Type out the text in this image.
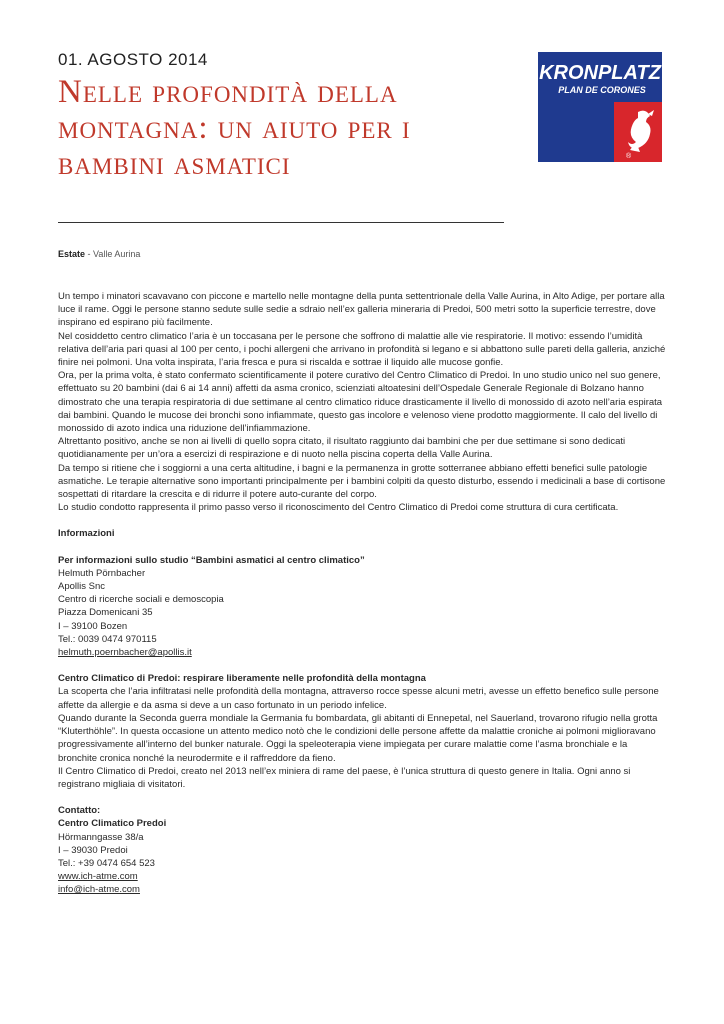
01. AGOSTO 2014
Nelle profondità della montagna: un aiuto per i bambini asmatici
KRONPLATZ
PLAN DE CORONES
®
Estate - Valle Aurina

Un tempo i minatori scavavano con piccone e martello nelle montagne della punta settentrionale della Valle Aurina, in Alto Adige, per portare alla luce il rame. Oggi le persone stanno sedute sulle sedie a sdraio nell’ex galleria mineraria di Predoi, 500 metri sotto la superficie terrestre, dove inspirano ed espirano più facilmente.

Nel cosiddetto centro climatico l’aria è un toccasana per le persone che soffrono di malattie alle vie respiratorie. Il motivo: essendo l’umidità relativa dell’aria pari quasi al 100 per cento, i pochi allergeni che arrivano in profondità si legano e si abbattono sulle pareti della galleria, anziché finire nei polmoni. Una volta inspirata, l’aria fresca e pura si riscalda e sottrae il liquido alle mucose gonfie.

Ora, per la prima volta, è stato confermato scientificamente il potere curativo del Centro Climatico di Predoi. In uno studio unico nel suo genere, effettuato su 20 bambini (dai 6 ai 14 anni) affetti da asma cronico, scienziati altoatesini dell’Ospedale Generale Regionale di Bolzano hanno dimostrato che una terapia respiratoria di due settimane al centro climatico riduce drasticamente il livello di monossido di azoto nell’aria espirata dai bambini. Quando le mucose dei bronchi sono infiammate, questo gas incolore e velenoso viene prodotto maggiormente. Il calo del livello di monossido di azoto indica una riduzione dell’infiammazione.

Altrettanto positivo, anche se non ai livelli di quello sopra citato, il risultato raggiunto dai bambini che per due settimane si sono dedicati quotidianamente per un’ora a esercizi di respirazione e di nuoto nella piscina coperta della Valle Aurina.

Da tempo si ritiene che i soggiorni a una certa altitudine, i bagni e la permanenza in grotte sotterranee abbiano effetti benefici sulle patologie asmatiche. Le terapie alternative sono importanti principalmente per i bambini colpiti da questo disturbo, essendo i medicinali a base di cortisone sospettati di ritardare la crescita e di ridurre il potere auto-curante del corpo.

Lo studio condotto rappresenta il primo passo verso il riconoscimento del Centro Climatico di Predoi come struttura di cura certificata.

Informazioni

Per informazioni sullo studio “Bambini asmatici al centro climatico”

Helmuth Pörnbacher

Apollis Snc

Centro di ricerche sociali e demoscopia

Piazza Domenicani 35

I – 39100 Bozen

Tel.: 0039 0474 970115

helmuth.poernbacher@apollis.it

Centro Climatico di Predoi: respirare liberamente nelle profondità della montagna

La scoperta che l’aria infiltratasi nelle profondità della montagna, attraverso rocce spesse alcuni metri, avesse un effetto benefico sulle persone affette da allergie e da asma si deve a un caso fortunato in un periodo infelice.

Quando durante la Seconda guerra mondiale la Germania fu bombardata, gli abitanti di Ennepetal, nel Sauerland, trovarono rifugio nella grotta “Kluterthöhle”. In questa occasione un attento medico notò che le condizioni delle persone affette da malattie croniche ai polmoni miglioravano progressivamente all’interno del bunker naturale. Oggi la speleoterapia viene impiegata per curare malattie come l’asma bronchiale e la bronchite cronica nonché la neurodermite e il raffreddore da fieno.

Il Centro Climatico di Predoi, creato nel 2013 nell’ex miniera di rame del paese, è l’unica struttura di questo genere in Italia. Ogni anno si registrano migliaia di visitatori.

Contatto:

Centro Climatico Predoi

Hörmanngasse 38/a

I – 39030 Predoi

Tel.: +39 0474 654 523

www.ich-atme.com

info@ich-atme.com
